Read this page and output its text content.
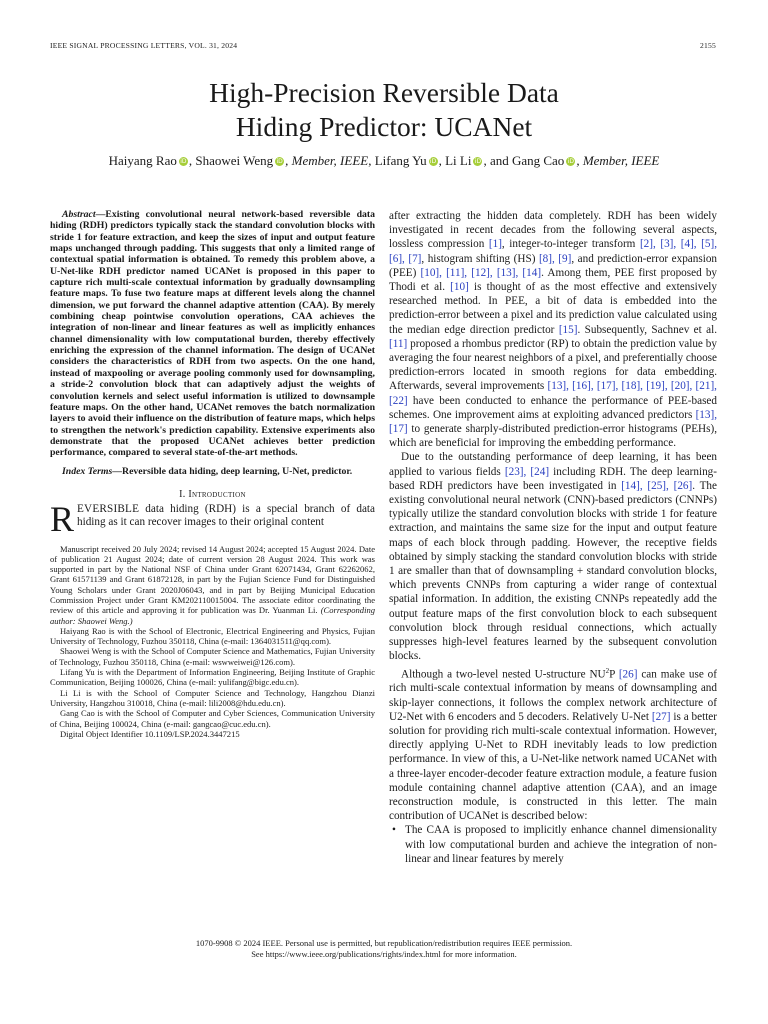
IEEE SIGNAL PROCESSING LETTERS, VOL. 31, 2024	2155
High-Precision Reversible Data
Hiding Predictor: UCANet
Haiyang Rao iD , Shaowei Weng iD , Member, IEEE, Lifang Yu iD , Li Li iD , and Gang Cao iD , Member, IEEE

Abstract—Existing convolutional neural network-based reversible data hiding (RDH) predictors typically stack the standard convolution blocks with stride 1 for feature extraction, and keep the sizes of input and output feature maps unchanged through padding. This suggests that only a limited range of contextual spatial information is obtained. To remedy this problem above, a U-Net-like RDH predictor named UCANet is proposed in this paper to capture rich multi-scale contextual information by gradually downsampling feature maps. To fuse two feature maps at different levels along the channel dimension, we put forward the channel adaptive attention (CAA). By merely combining cheap pointwise convolution operations, CAA achieves the integration of non-linear and linear features as well as implicitly enhances channel dimensionality with low computational burden, thereby effectively enriching the expression of the channel information. The design of UCANet considers the characteristics of RDH from two aspects. On the one hand, instead of maxpooling or average pooling commonly used for downsampling, a stride-2 convolution block that can adaptively adjust the weights of convolution kernels and select useful information is utilized to downsample feature maps. On the other hand, UCANet removes the batch normalization layers to avoid their influence on the distribution of feature maps, which helps to strengthen the network's prediction capability. Extensive experiments also demonstrate that the proposed UCANet achieves better prediction performance, compared to several state-of-the-art methods.

Index Terms—Reversible data hiding, deep learning, U-Net, predictor.

I. Introduction

REVERSIBLE data hiding (RDH) is a special branch of data hiding as it can recover images to their original content

Manuscript received 20 July 2024; revised 14 August 2024; accepted 15 August 2024. Date of publication 21 August 2024; date of current version 28 August 2024. This work was supported in part by the National NSF of China under Grant 62071434, Grant 62262062, Grant 61571139 and Grant 61872128, in part by the Fujian Science Fund for Distinguished Young Scholars under Grant 2020J06043, and in part by Beijing Municipal Education Commission Project under Grant KM202110015004. The associate editor coordinating the review of this article and approving it for publication was Dr. Yuanman Li. (Corresponding author: Shaowei Weng.)

Haiyang Rao is with the School of Electronic, Electrical Engineering and Physics, Fujian University of Technology, Fuzhou 350118, China (e-mail: 1364031511@qq.com).

Shaowei Weng is with the School of Computer Science and Mathematics, Fujian University of Technology, Fuzhou 350118, China (e-mail: wswweiwei@126.com).

Lifang Yu is with the Department of Information Engineering, Beijing Institute of Graphic Communication, Beijing 100026, China (e-mail: yulifang@bigc.edu.cn).

Li Li is with the School of Computer Science and Technology, Hangzhou Dianzi University, Hangzhou 310018, China (e-mail: lili2008@hdu.edu.cn).

Gang Cao is with the School of Computer and Cyber Sciences, Communication University of China, Beijing 100024, China (e-mail: gangcao@cuc.edu.cn).

Digital Object Identifier 10.1109/LSP.2024.3447215

after extracting the hidden data completely. RDH has been widely investigated in recent decades from the following several aspects, lossless compression [1], integer-to-integer transform [2], [3], [4], [5], [6], [7], histogram shifting (HS) [8], [9], and prediction-error expansion (PEE) [10], [11], [12], [13], [14]. Among them, PEE first proposed by Thodi et al. [10] is thought of as the most effective and extensively researched method. In PEE, a bit of data is embedded into the prediction-error between a pixel and its prediction value calculated using the median edge direction predictor [15]. Subsequently, Sachnev et al. [11] proposed a rhombus predictor (RP) to obtain the prediction value by averaging the four nearest neighbors of a pixel, and preferentially choose prediction-errors located in smooth regions for data embedding. Afterwards, several improvements [13], [16], [17], [18], [19], [20], [21], [22] have been conducted to enhance the performance of PEE-based schemes. One improvement aims at exploiting advanced predictors [13], [17] to generate sharply-distributed prediction-error histograms (PEHs), which are beneficial for improving the embedding performance.

Due to the outstanding performance of deep learning, it has been applied to various fields [23], [24] including RDH. The deep learning-based RDH predictors have been investigated in [14], [25], [26]. The existing convolutional neural network (CNN)-based predictors (CNNPs) typically utilize the standard convolution blocks with stride 1 for feature extraction, and maintains the same size for the input and output feature maps of each block through padding. However, the receptive fields obtained by simply stacking the standard convolution blocks with stride 1 are smaller than that of downsampling + standard convolution blocks, which prevents CNNPs from capturing a wider range of contextual spatial information. In addition, the existing CNNPs repeatedly add the output feature maps of the first convolution block to each subsequent convolution block through residual connections, which actually suppresses high-level features learned by the subsequent convolution blocks.

Although a two-level nested U-structure $NU^2P$ [26] can make use of rich multi-scale contextual information by means of downsampling and skip-layer connections, it follows the complex network architecture of U2-Net with 6 encoders and 5 decoders. Relatively U-Net [27] is a better solution for providing rich multi-scale contextual information. However, directly applying U-Net to RDH inevitably leads to low prediction performance. In view of this, a U-Net-like network named UCANet with a three-layer encoder-decoder feature extraction module, a feature fusion module containing channel adaptive attention (CAA), and an image reconstruction module, is constructed in this letter. The main contribution of UCANet is described below:

• The CAA is proposed to implicitly enhance channel dimensionality with low computational burden and achieve the integration of non-linear and linear features by merely
1070-9908 © 2024 IEEE. Personal use is permitted, but republication/redistribution requires IEEE permission.
See https://www.ieee.org/publications/rights/index.html for more information.
